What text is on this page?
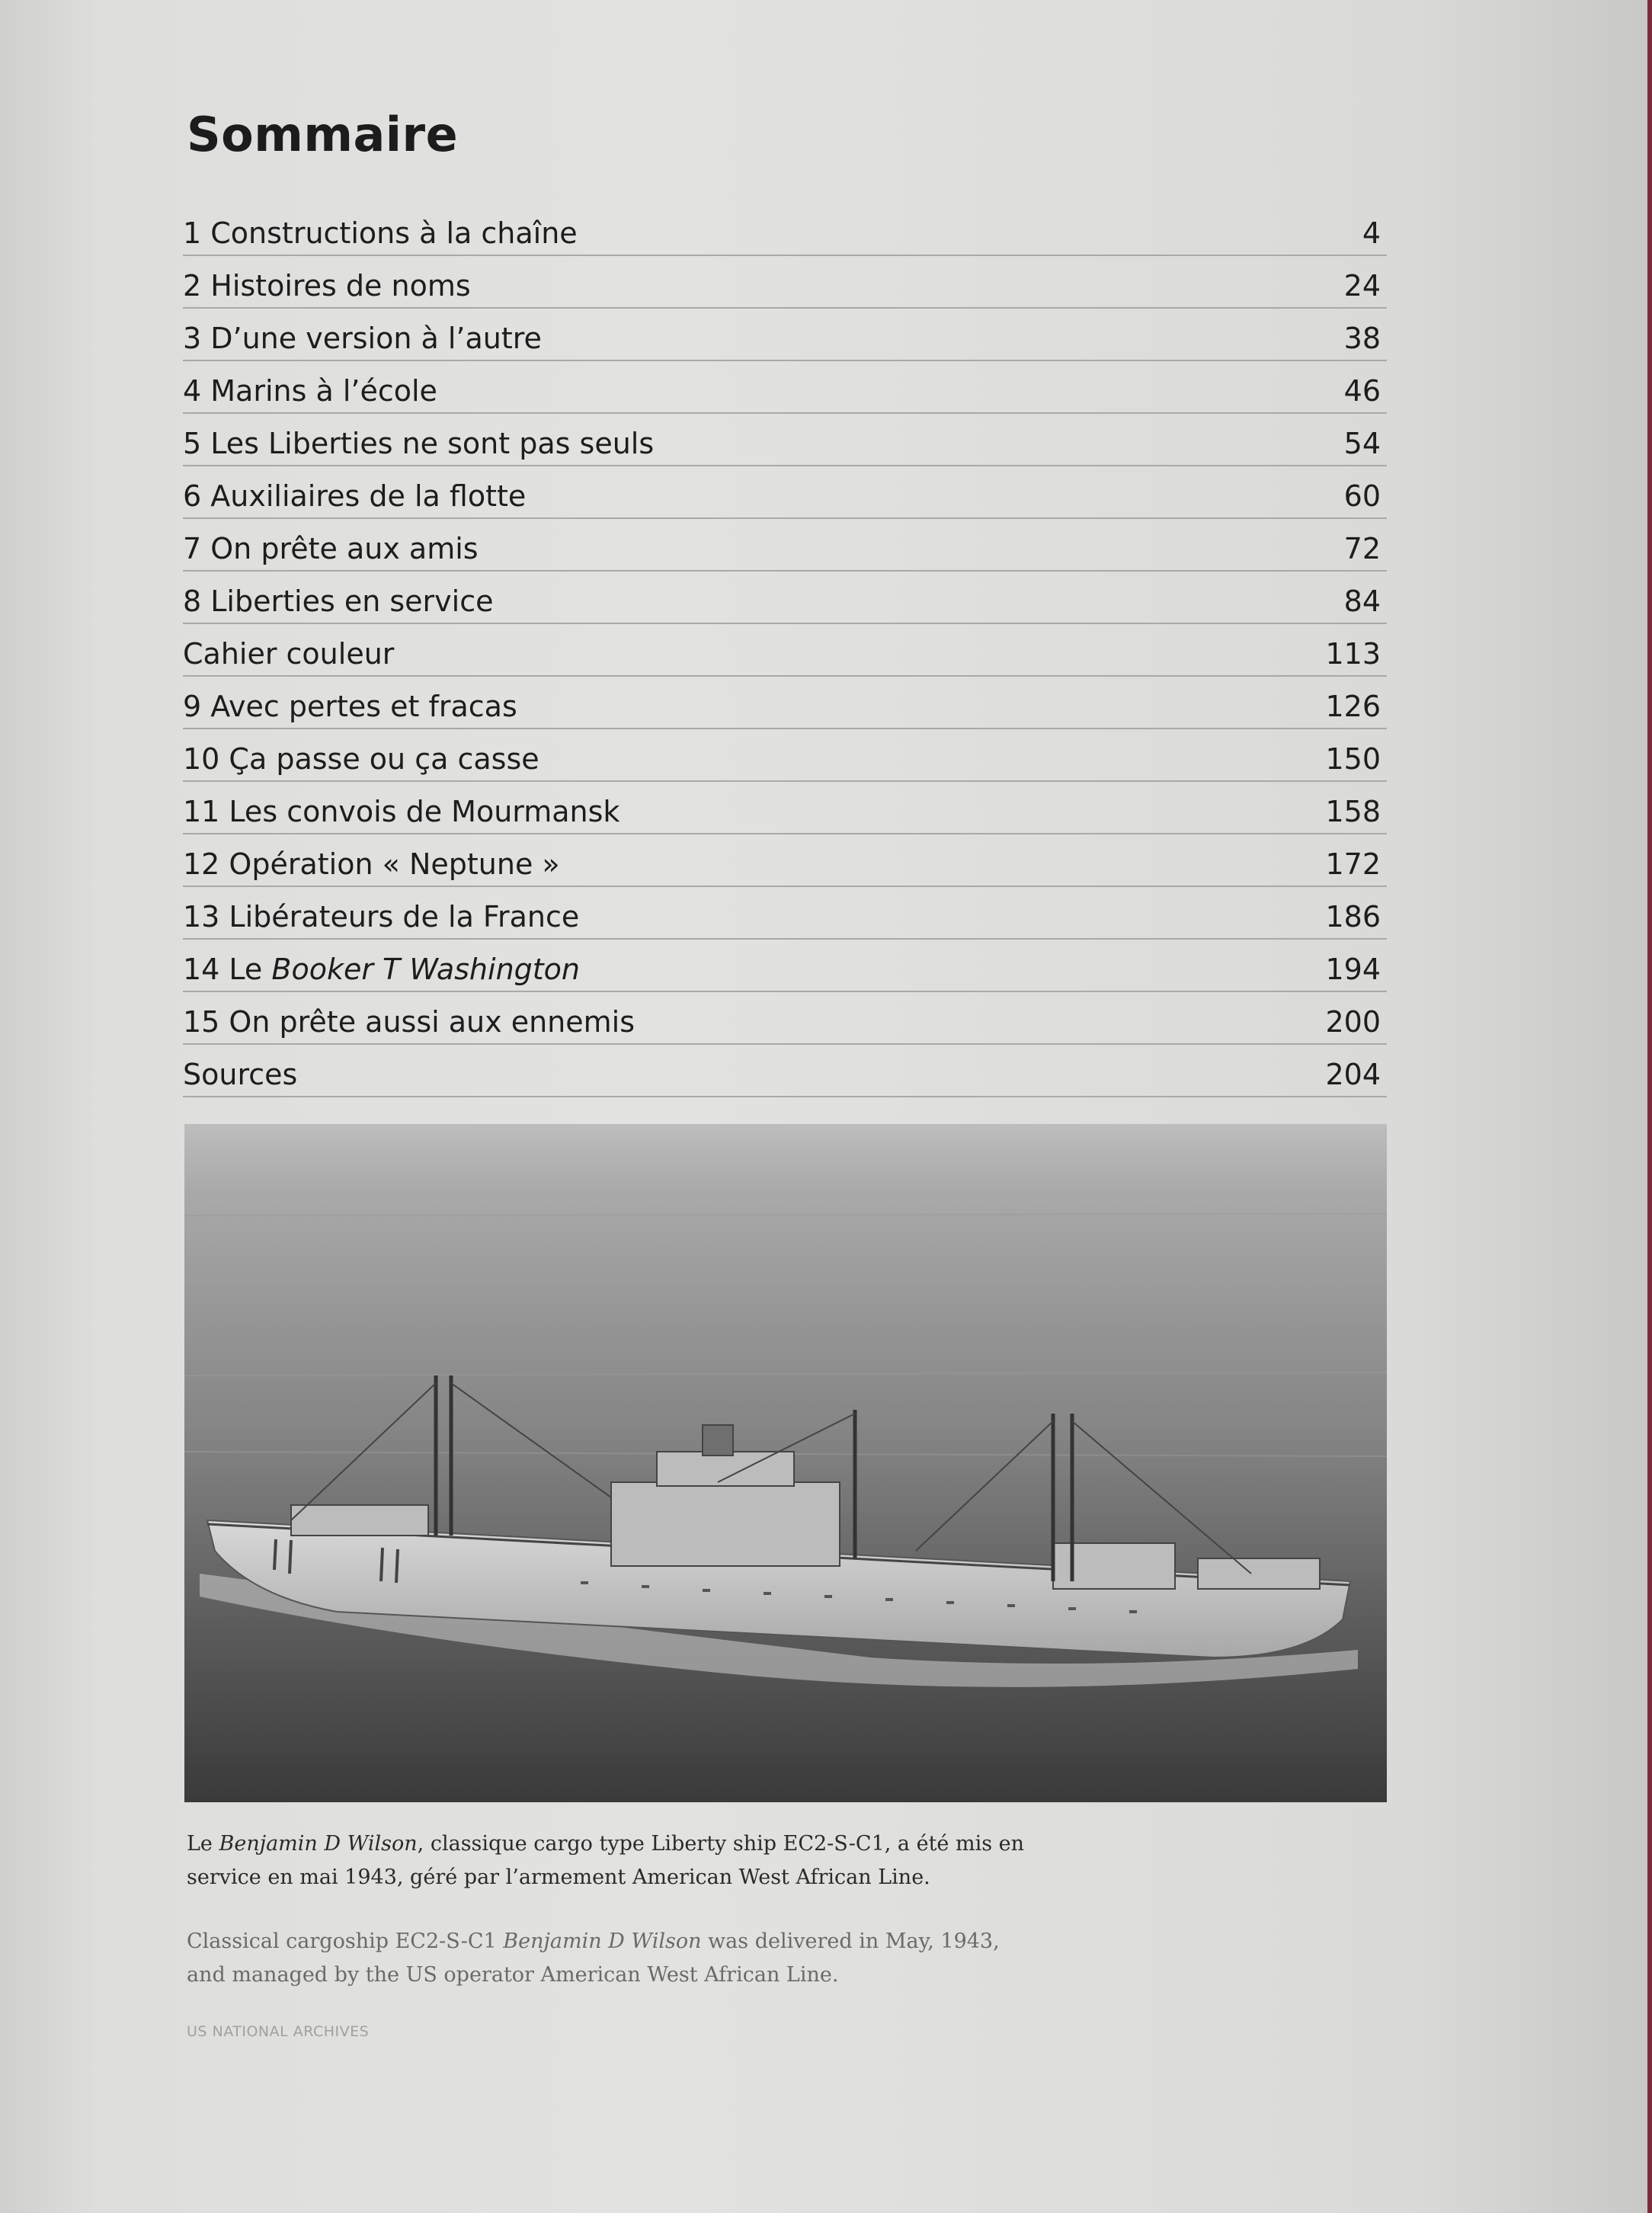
Sommaire
1 Constructions à la chaîne	4
2 Histoires de noms	24
3 D’une version à l’autre	38
4 Marins à l’école	46
5 Les Liberties ne sont pas seuls	54
6 Auxiliaires de la flotte	60
7 On prête aux amis	72
8 Liberties en service	84
Cahier couleur	113
9 Avec pertes et fracas	126
10 Ça passe ou ça casse	150
11 Les convois de Mourmansk	158
12 Opération « Neptune »	172
13 Libérateurs de la France	186
14 Le Booker T Washington	194
15 On prête aussi aux ennemis	200
Sources	204
Le Benjamin D Wilson, classique cargo type Liberty ship EC2-S-C1, a été mis en
service en mai 1943, géré par l’armement American West African Line.
Classical cargoship EC2-S-C1 Benjamin D Wilson was delivered in May, 1943,
and managed by the US operator American West African Line.
US NATIONAL ARCHIVES
